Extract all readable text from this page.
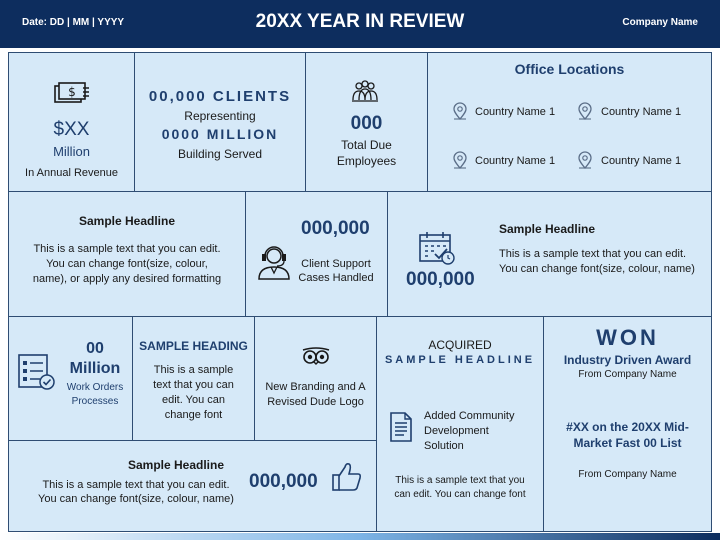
Date: DD | MM | YYYY	20XX YEAR IN REVIEW	Company Name
$
$XX
Million
In Annual Revenue
00,000 CLIENTS
Representing
0000 MILLION
Building Served
000
Total Due
Employees
Office Locations
Country Name 1	Country Name 1
Country Name 1	Country Name 1
Sample Headline
This is a sample text that you can edit.
You can change font(size, colour,
name), or apply any desired formatting
000,000
Client Support
Cases Handled 000,000
Sample Headline
This is a sample text that you can edit.
You can change font(size, colour, name)
00
Million
Work Orders
Processes
SAMPLE HEADING
This is a sample
text that you can
edit. You can
change font
New Branding and A
Revised Dude Logo
ACQUIRED
SAMPLE HEADLINE
Added Community
Development
Solution
This is a sample text that you
can edit. You can change font
WON
Industry Driven Award
From Company Name
#XX on the 20XX Mid-
Market Fast 00 List
From Company Name
Sample Headline
This is a sample text that you can edit.
You can change font(size, colour, name)
000,000
